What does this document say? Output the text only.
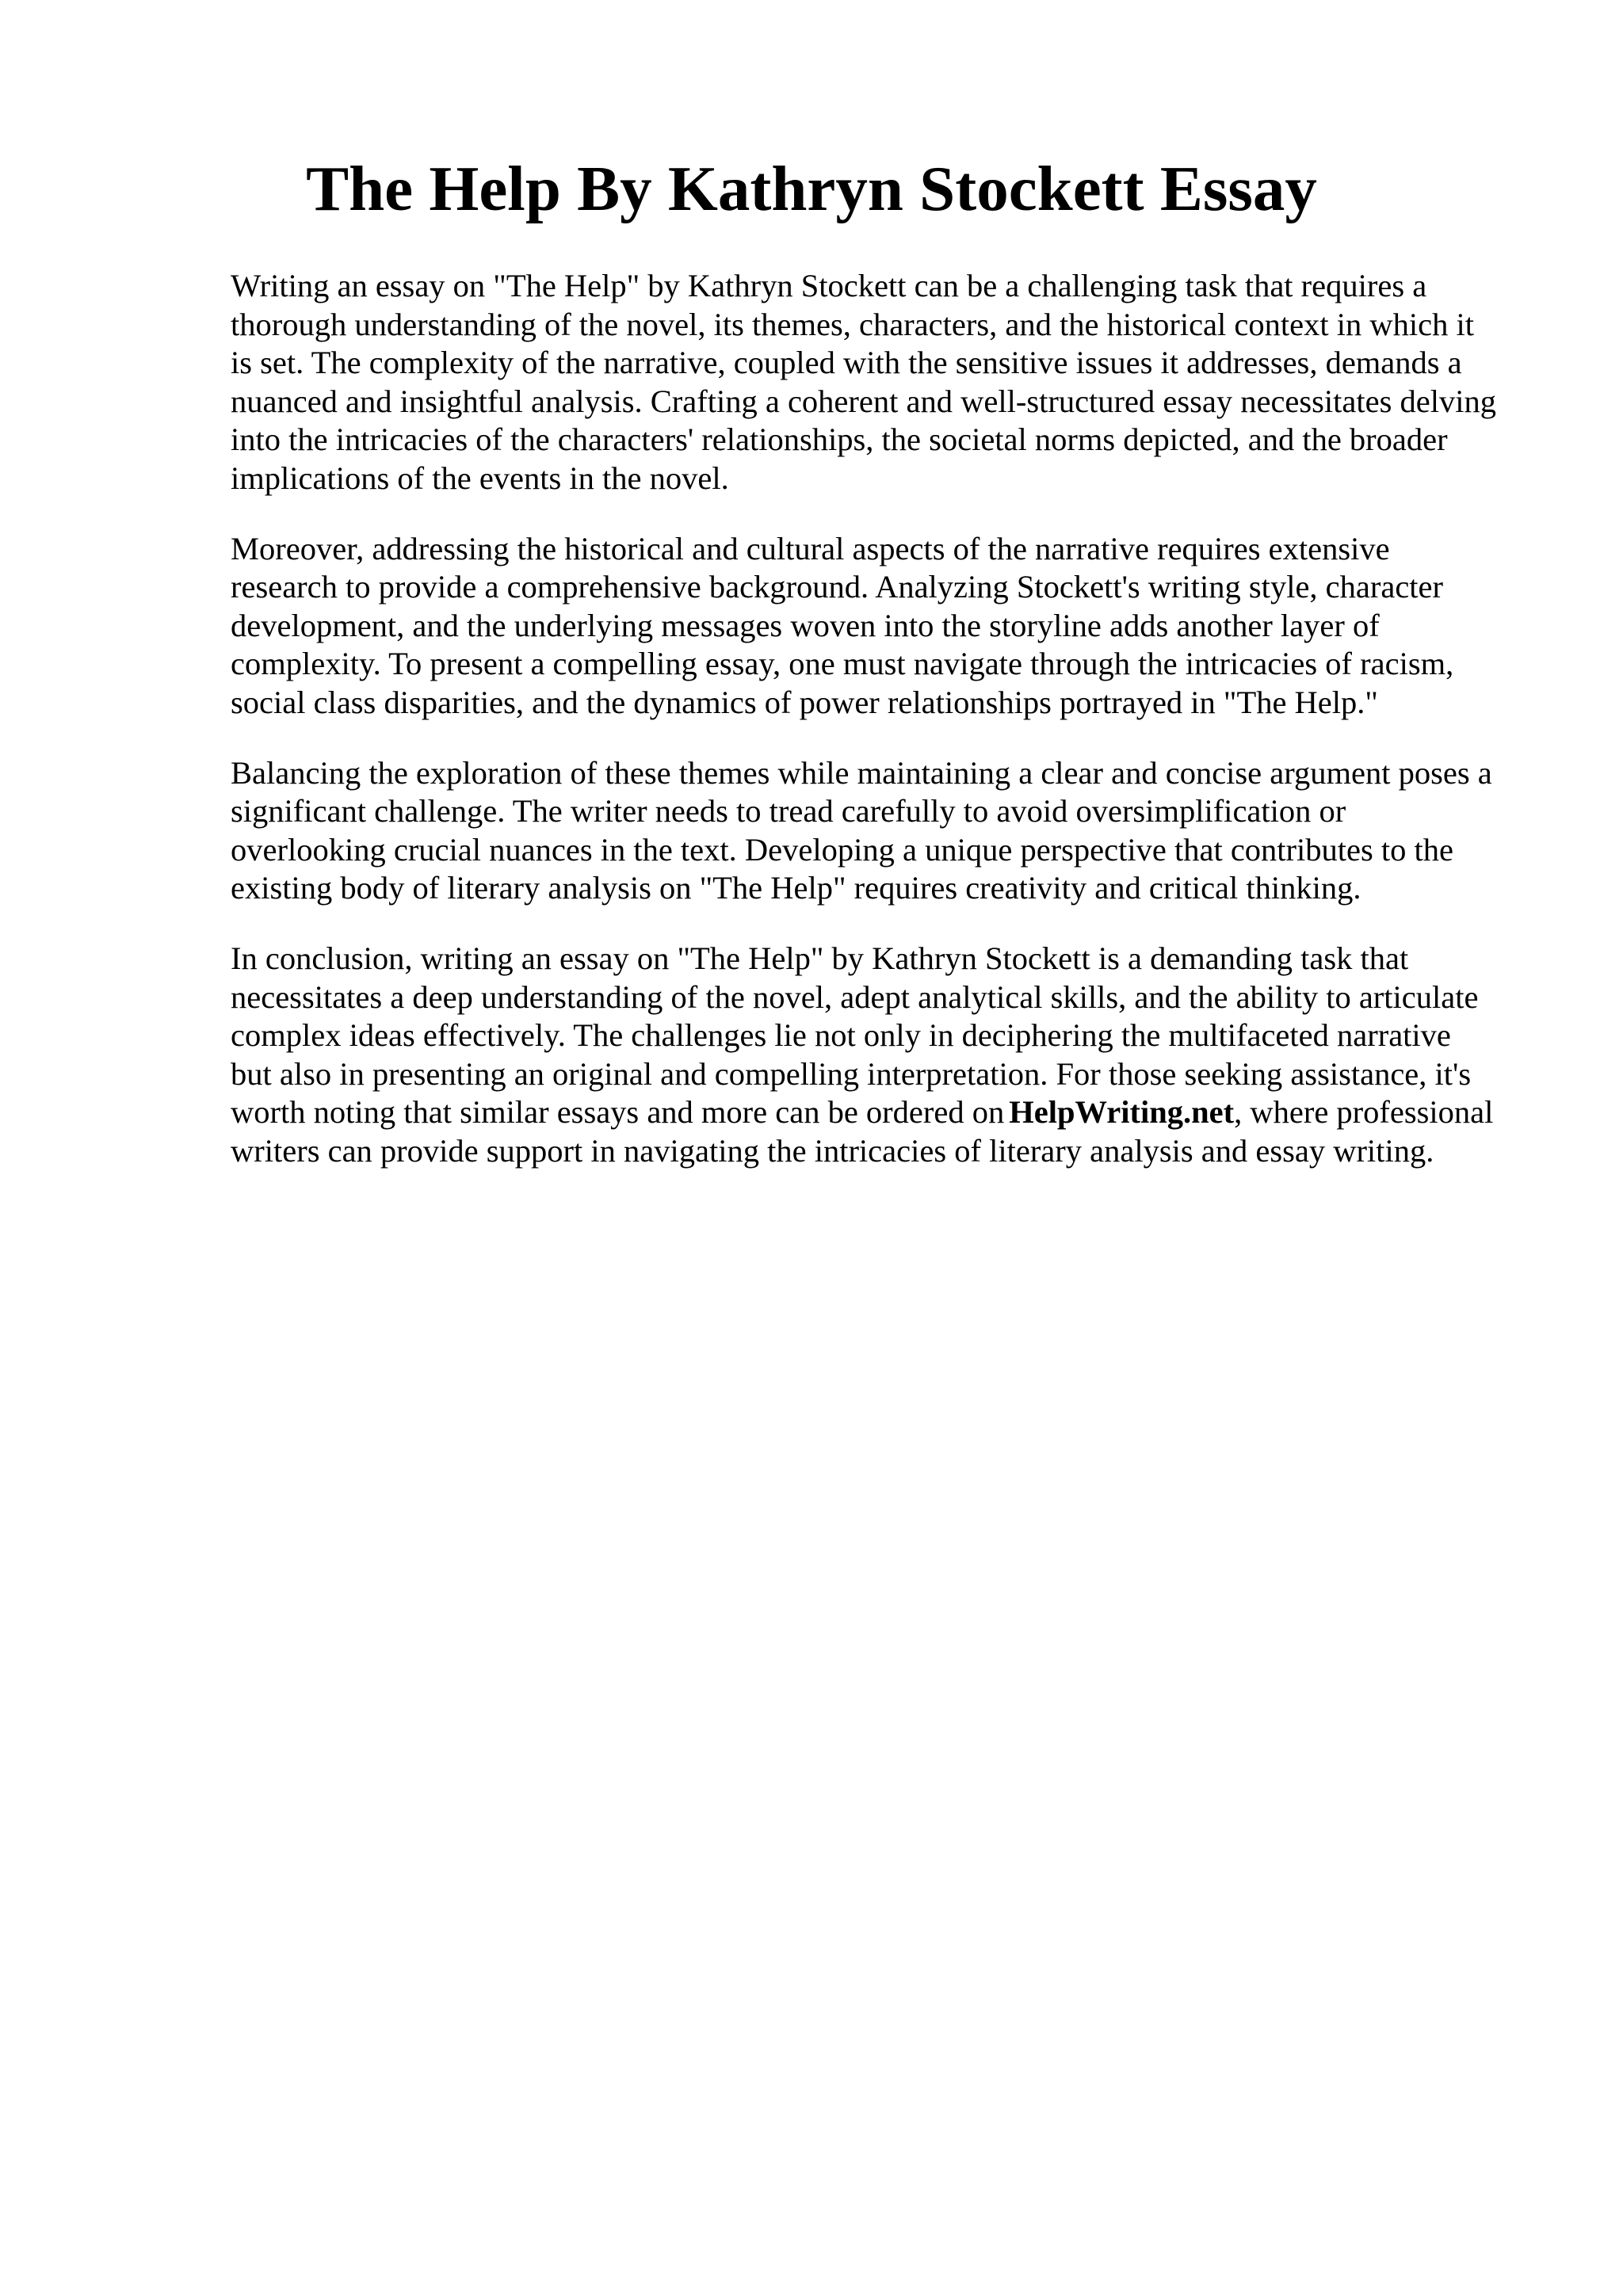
The Help By Kathryn Stockett Essay

Writing an essay on "The Help" by Kathryn Stockett can be a challenging task that requires a thorough understanding of the novel, its themes, characters, and the historical context in which it is set. The complexity of the narrative, coupled with the sensitive issues it addresses, demands a nuanced and insightful analysis. Crafting a coherent and well-structured essay necessitates delving into the intricacies of the characters' relationships, the societal norms depicted, and the broader implications of the events in the novel.

Moreover, addressing the historical and cultural aspects of the narrative requires extensive research to provide a comprehensive background. Analyzing Stockett's writing style, character development, and the underlying messages woven into the storyline adds another layer of complexity. To present a compelling essay, one must navigate through the intricacies of racism, social class disparities, and the dynamics of power relationships portrayed in "The Help."

Balancing the exploration of these themes while maintaining a clear and concise argument poses a significant challenge. The writer needs to tread carefully to avoid oversimplification or overlooking crucial nuances in the text. Developing a unique perspective that contributes to the existing body of literary analysis on "The Help" requires creativity and critical thinking.

In conclusion, writing an essay on "The Help" by Kathryn Stockett is a demanding task that necessitates a deep understanding of the novel, adept analytical skills, and the ability to articulate complex ideas effectively. The challenges lie not only in deciphering the multifaceted narrative but also in presenting an original and compelling interpretation. For those seeking assistance, it's worth noting that similar essays and more can be ordered on HelpWriting.net, where professional writers can provide support in navigating the intricacies of literary analysis and essay writing.
